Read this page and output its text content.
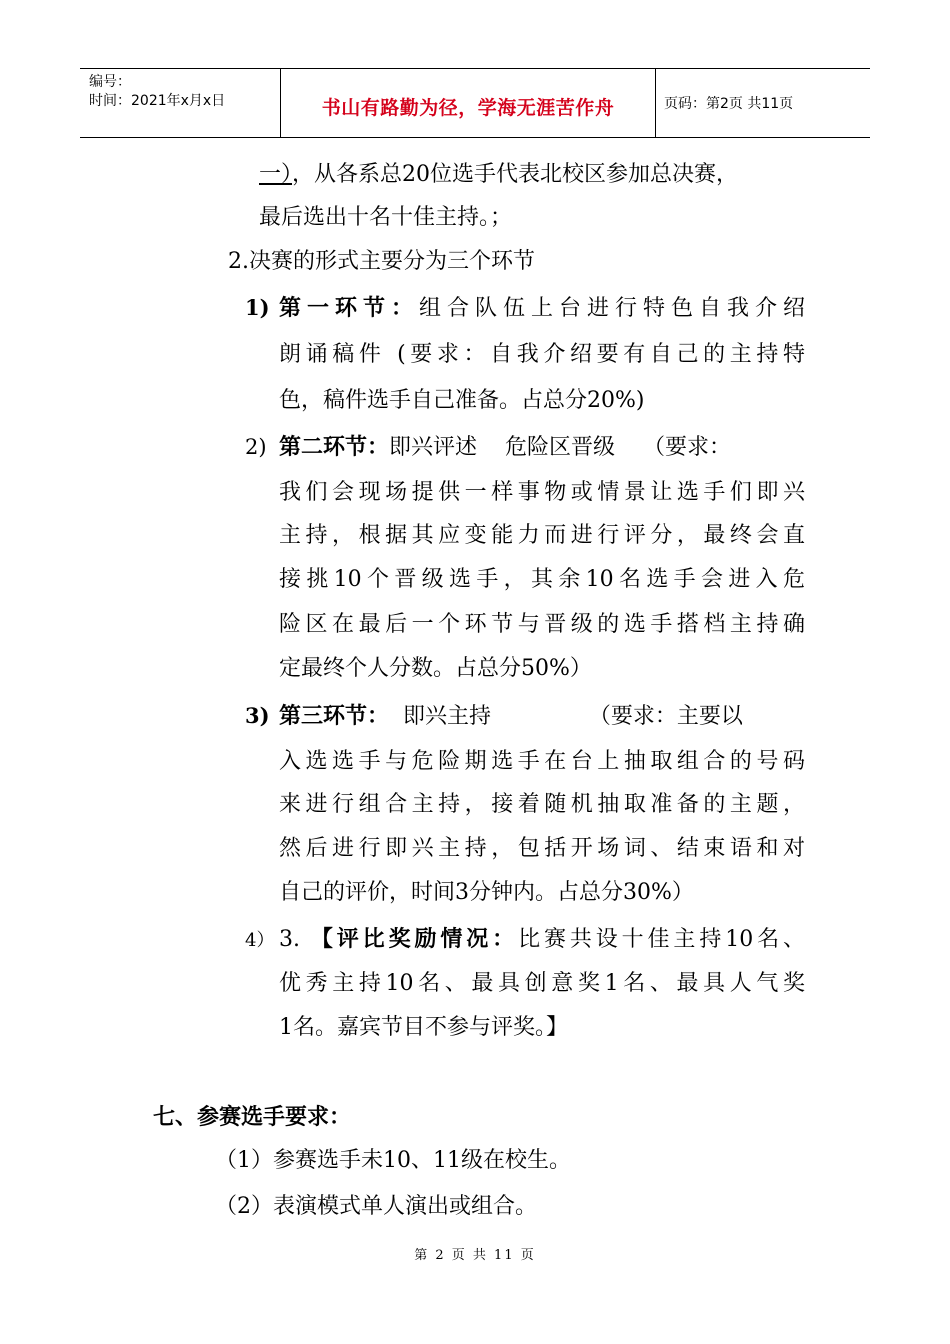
编号：
时间：2021年x月x日	书山有路勤为径，学海无涯苦作舟	页码：第2页 共11页
一），从各系总20位选手代表北校区参加总决赛，
最后选出十名十佳主持。；
2.决赛的形式主要分为三个环节
1) 第一环节：组合队伍上台进行特色自我介绍
朗诵稿件 (要求：自我介绍要有自己的主持特
色，稿件选手自己准备。占总分20%)
2) 第二环节：即兴评述    危险区晋级    （要求：
我们会现场提供一样事物或情景让选手们即兴
主持，根据其应变能力而进行评分，最终会直
接挑10个晋级选手，其余10名选手会进入危
险区在最后一个环节与晋级的选手搭档主持确
定最终个人分数。占总分50%）
3) 第三环节：  即兴主持              （要求：主要以
入选选手与危险期选手在台上抽取组合的号码
来进行组合主持，接着随机抽取准备的主题，
然后进行即兴主持，包括开场词、结束语和对
自己的评价，时间3分钟内。占总分30%）
4） 3. 【评比奖励情况：比赛共设十佳主持10名、
优秀主持10名、最具创意奖1名、最具人气奖
1名。嘉宾节目不参与评奖。】
七、参赛选手要求：
（1）参赛选手未10、11级在校生。
（2）表演模式单人演出或组合。
第 2 页 共 11 页
